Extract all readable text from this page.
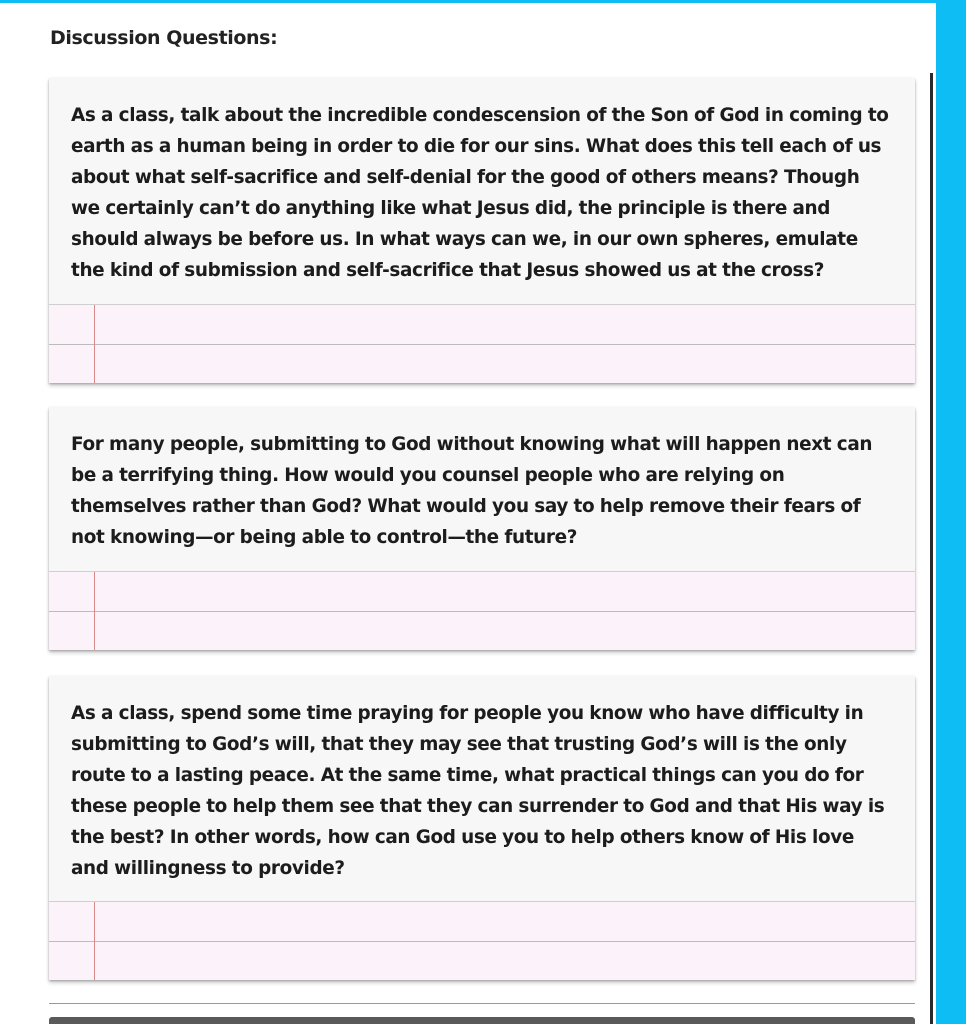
Discussion Questions:

As a class, talk about the incredible condescension of the Son of God in coming to earth as a human being in order to die for our sins. What does this tell each of us about what self-sacrifice and self-denial for the good of others means? Though we certainly can’t do anything like what Jesus did, the principle is there and should always be before us. In what ways can we, in our own spheres, emulate the kind of submission and self-sacrifice that Jesus showed us at the cross?

For many people, submitting to God without knowing what will happen next can be a terrifying thing. How would you counsel people who are relying on themselves rather than God? What would you say to help remove their fears of not knowing—or being able to control—the future?

As a class, spend some time praying for people you know who have difficulty in submitting to God’s will, that they may see that trusting God’s will is the only route to a lasting peace. At the same time, what practical things can you do for these people to help them see that they can surrender to God and that His way is the best? In other words, how can God use you to help others know of His love and willingness to provide?
